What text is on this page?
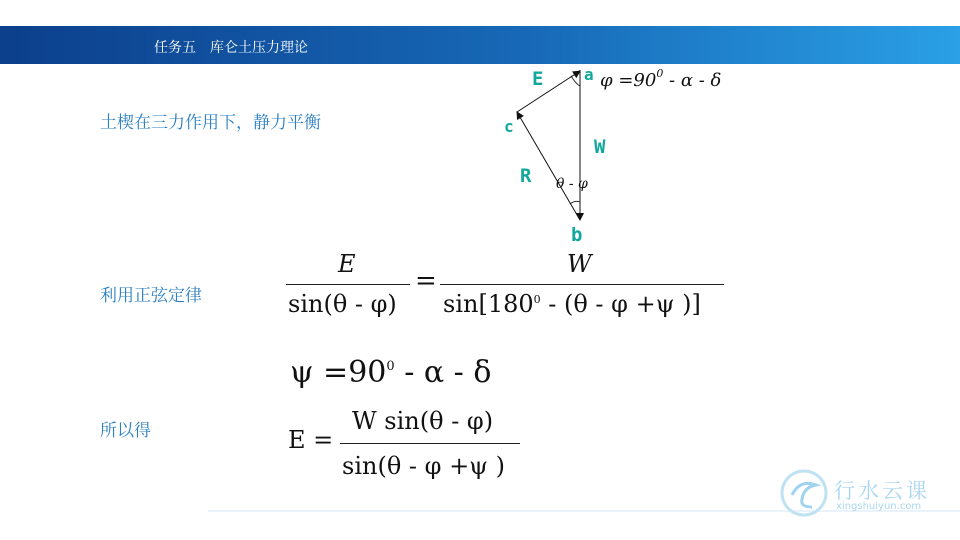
任务五　库仑土压力理论
土楔在三力作用下，静力平衡
利用正弦定律
所以得
E	a
c
W
R
b
$\varphi =90^0 - \alpha - \delta$
θ - φ
E
sin(θ - φ)
=
W
$\sin[180^0 - (\theta - \varphi +\psi$ )]
$\psi =90^0 - \alpha - \delta$
E =
W sin(θ - φ)
sin(θ - φ +ψ )
行水云课
xingshuiyun.com
